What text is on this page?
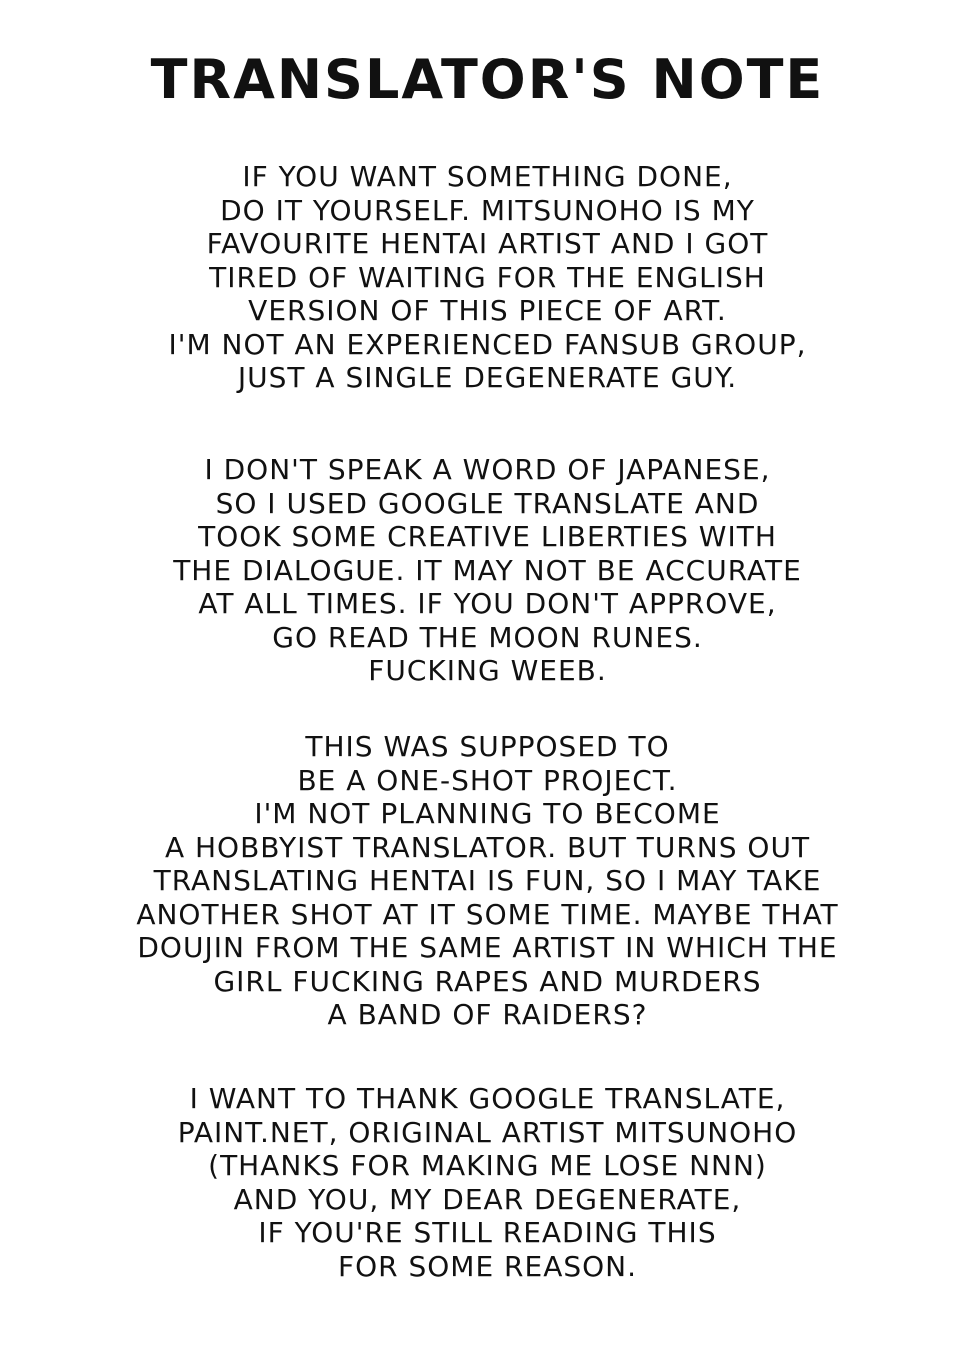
TRANSLATOR'S NOTE
IF YOU WANT SOMETHING DONE,
DO IT YOURSELF. MITSUNOHO IS MY
FAVOURITE HENTAI ARTIST AND I GOT
TIRED OF WAITING FOR THE ENGLISH
VERSION OF THIS PIECE OF ART.
I'M NOT AN EXPERIENCED FANSUB GROUP,
JUST A SINGLE DEGENERATE GUY.
I DON'T SPEAK A WORD OF JAPANESE,
SO I USED GOOGLE TRANSLATE AND
TOOK SOME CREATIVE LIBERTIES WITH
THE DIALOGUE. IT MAY NOT BE ACCURATE
AT ALL TIMES. IF YOU DON'T APPROVE,
GO READ THE MOON RUNES.
FUCKING WEEB.
THIS WAS SUPPOSED TO
BE A ONE-SHOT PROJECT.
I'M NOT PLANNING TO BECOME
A HOBBYIST TRANSLATOR. BUT TURNS OUT
TRANSLATING HENTAI IS FUN, SO I MAY TAKE
ANOTHER SHOT AT IT SOME TIME. MAYBE THAT
DOUJIN FROM THE SAME ARTIST IN WHICH THE
GIRL FUCKING RAPES AND MURDERS
A BAND OF RAIDERS?
I WANT TO THANK GOOGLE TRANSLATE,
PAINT.NET, ORIGINAL ARTIST MITSUNOHO
(THANKS FOR MAKING ME LOSE NNN)
AND YOU, MY DEAR DEGENERATE,
IF YOU'RE STILL READING THIS
FOR SOME REASON.
